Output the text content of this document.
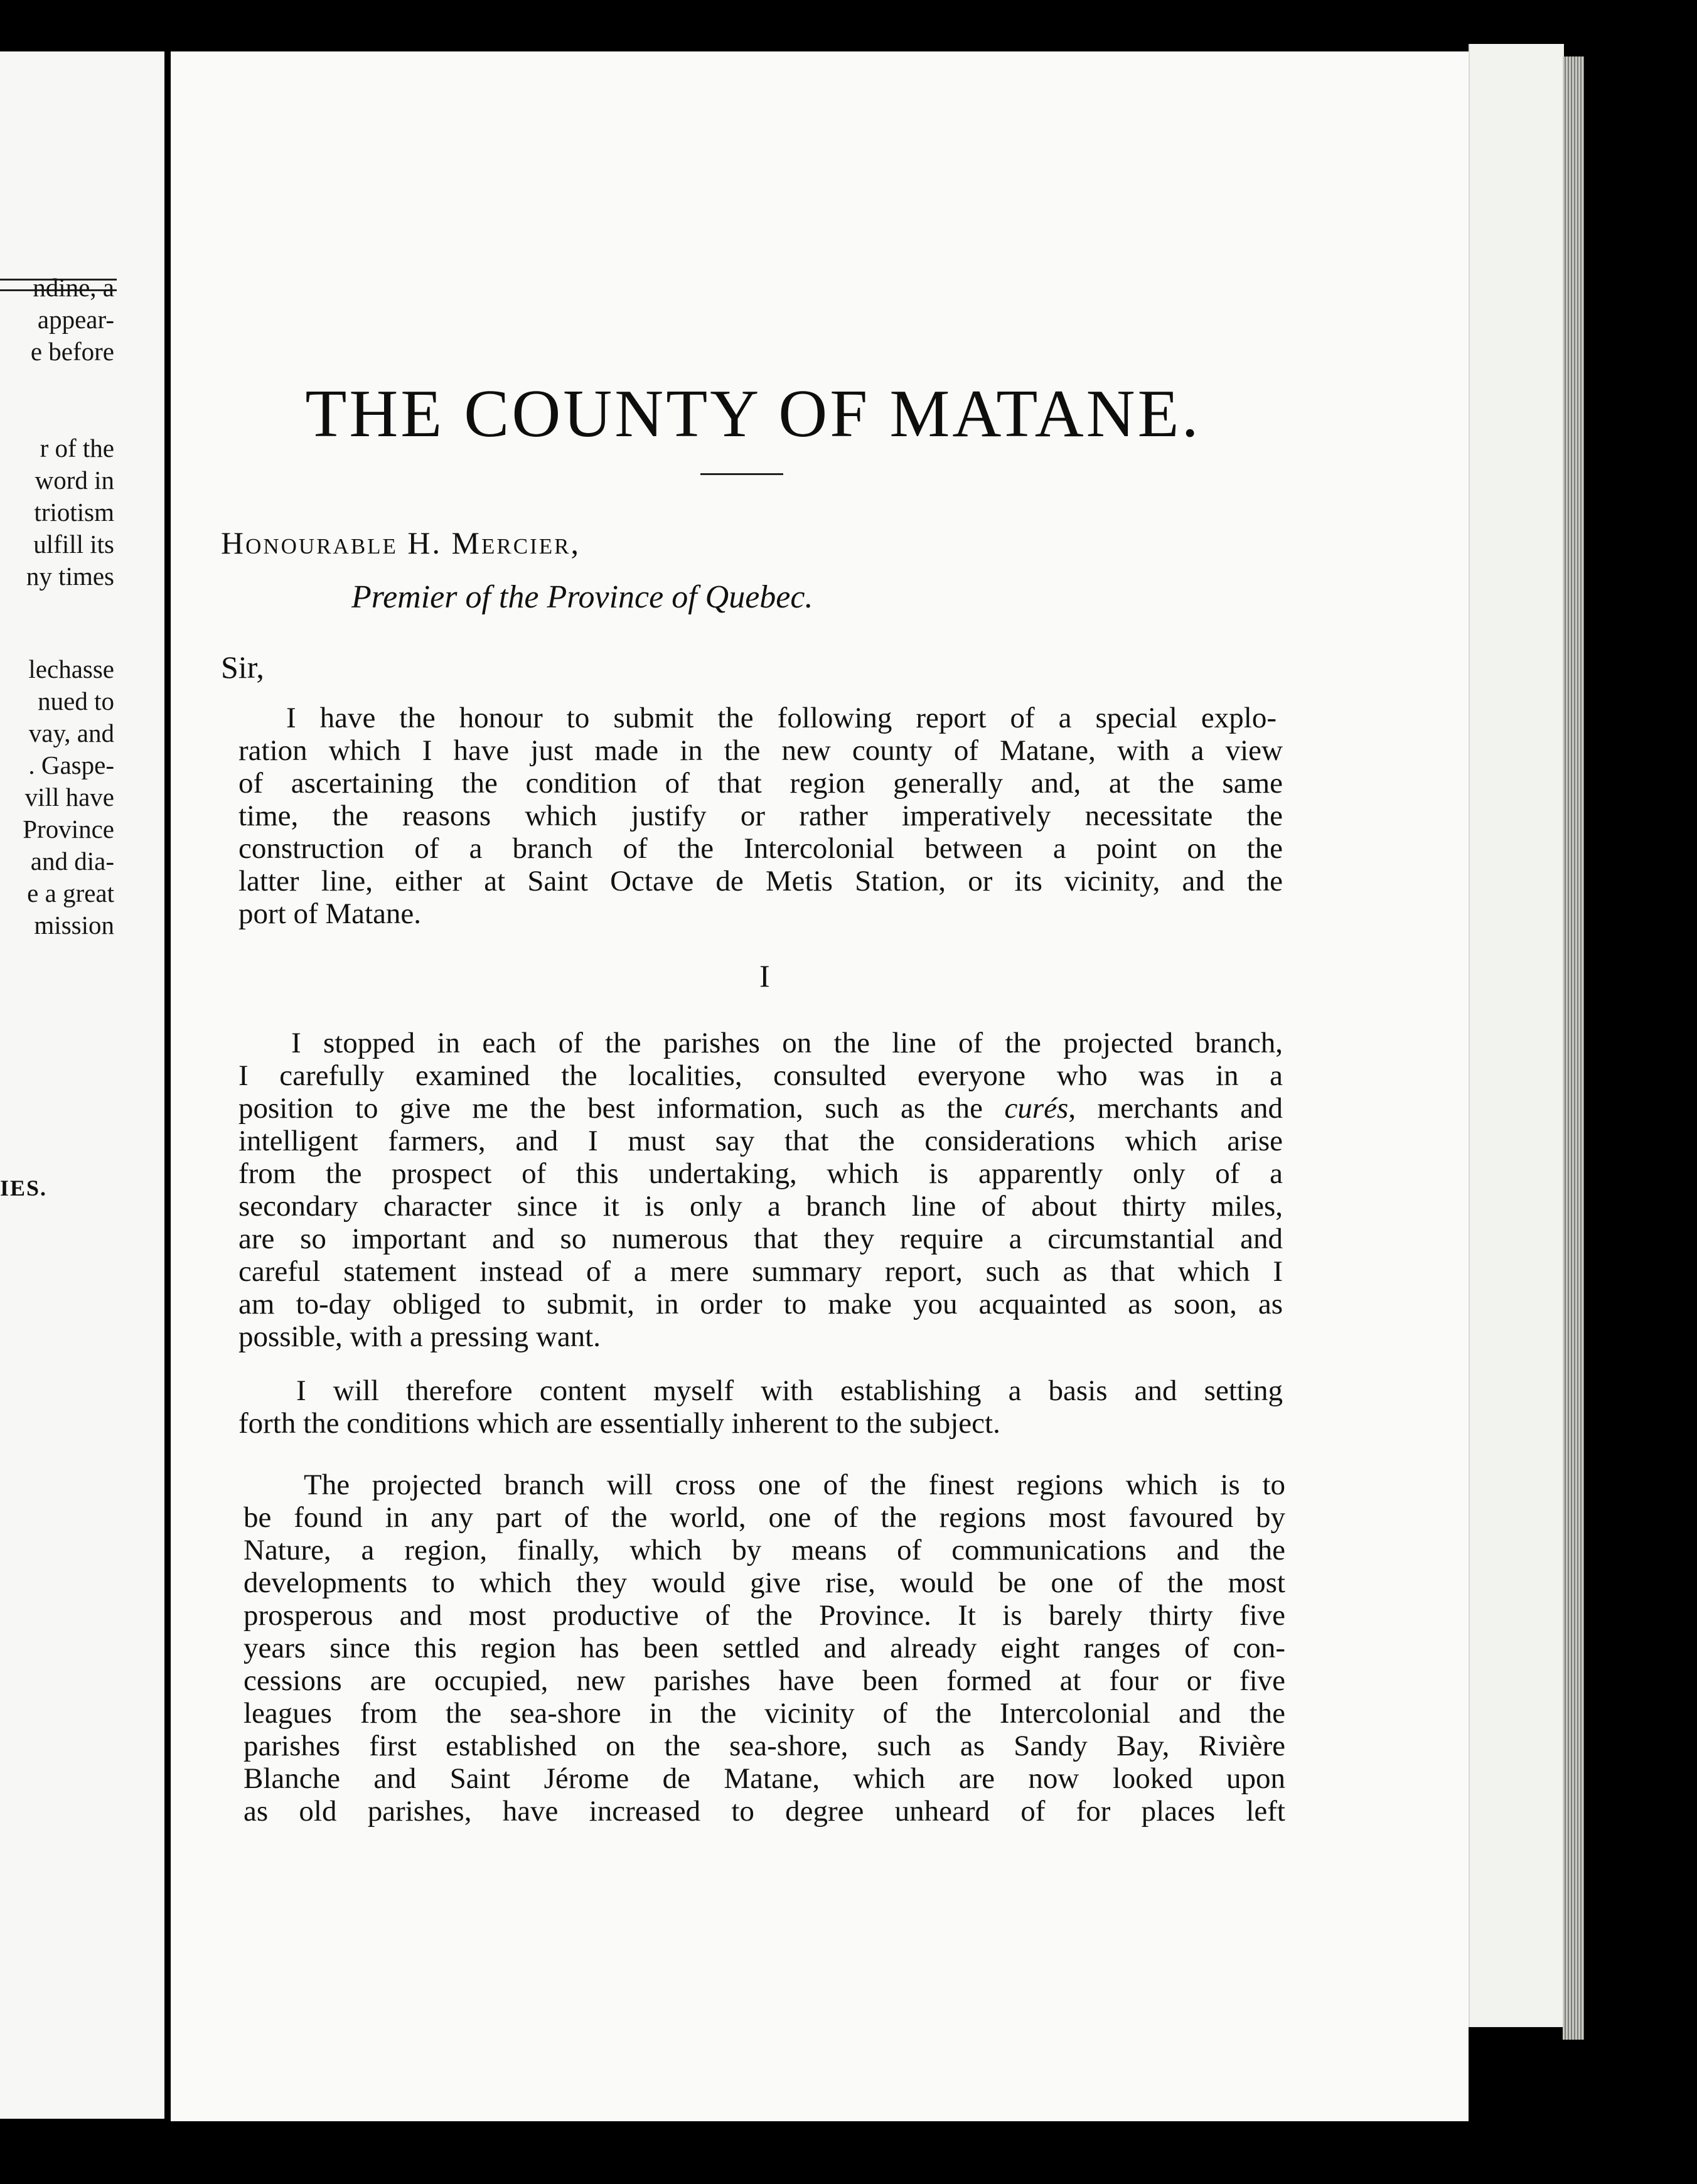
ndine, a
appear-
e before
r of the
word in
triotism
ulfill its
ny times
lechasse
nued to
vay, and
. Gaspe-
vill have
Province
and dia-
e a great
mission
IES.
THE COUNTY OF MATANE.
Honourable H. Mercier,
Premier of the Province of Quebec.
Sir,
I have the honour to submit the following report of a special explo-
ration which I have just made in the new county of Matane, with a view
of ascertaining the condition of that region generally and, at the same
time, the reasons which justify or rather imperatively necessitate the
construction of a branch of the Intercolonial between a point on the
latter line, either at Saint Octave de Metis Station, or its vicinity, and the
port of Matane.
I
I stopped in each of the parishes on the line of the projected branch,
I carefully examined the localities, consulted everyone who was in a
position to give me the best information, such as the curés, merchants and
intelligent farmers, and I must say that the considerations which arise
from the prospect of this undertaking, which is apparently only of a
secondary character since it is only a branch line of about thirty miles,
are so important and so numerous that they require a circumstantial and
careful statement instead of a mere summary report, such as that which I
am to-day obliged to submit, in order to make you acquainted as soon, as
possible, with a pressing want.
I will therefore content myself with establishing a basis and setting
forth the conditions which are essentially inherent to the subject.
The projected branch will cross one of the finest regions which is to
be found in any part of the world, one of the regions most favoured by
Nature, a region, finally, which by means of communications and the
developments to which they would give rise, would be one of the most
prosperous and most productive of the Province. It is barely thirty five
years since this region has been settled and already eight ranges of con-
cessions are occupied, new parishes have been formed at four or five
leagues from the sea-shore in the vicinity of the Intercolonial and the
parishes first established on the sea-shore, such as Sandy Bay, Rivière
Blanche and Saint Jérome de Matane, which are now looked upon
as old parishes, have increased to degree unheard of for places left
